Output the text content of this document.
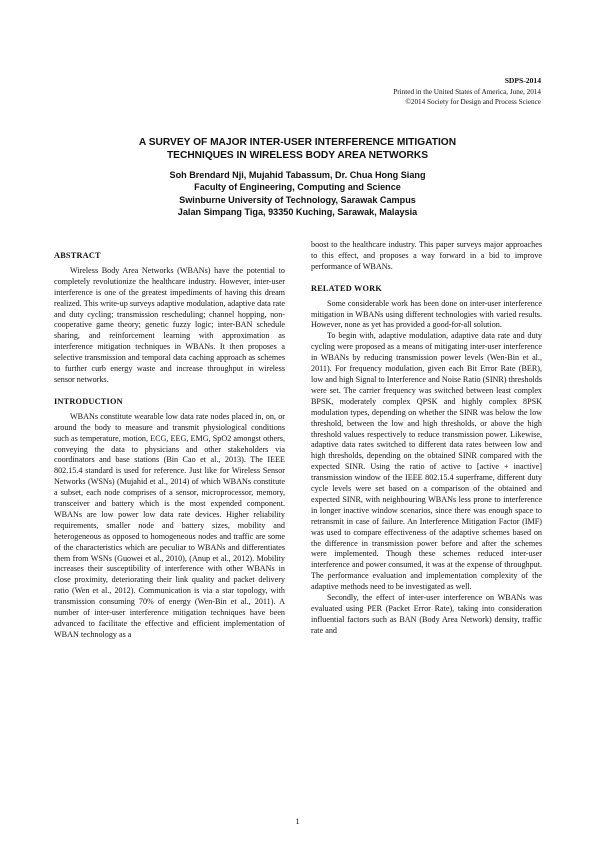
SDPS-2014
Printed in the United States of America, June, 2014
©2014 Society for Design and Process Science
A SURVEY OF MAJOR INTER-USER INTERFERENCE MITIGATION
TECHNIQUES IN WIRELESS BODY AREA NETWORKS
Soh Brendard Nji, Mujahid Tabassum, Dr. Chua Hong Siang
Faculty of Engineering, Computing and Science
Swinburne University of Technology, Sarawak Campus
Jalan Simpang Tiga, 93350 Kuching, Sarawak, Malaysia
ABSTRACT

Wireless Body Area Networks (WBANs) have the potential to completely revolutionize the healthcare industry. However, inter-user interference is one of the greatest impediments of having this dream realized. This write-up surveys adaptive modulation, adaptive data rate and duty cycling; transmission rescheduling; channel hopping, non-cooperative game theory; genetic fuzzy logic; inter-BAN schedule sharing, and reinforcement learning with approximation as interference mitigation techniques in WBANs. It then proposes a selective transmission and temporal data caching approach as schemes to further curb energy waste and increase throughput in wireless sensor networks.

INTRODUCTION

WBANs constitute wearable low data rate nodes placed in, on, or around the body to measure and transmit physiological conditions such as temperature, motion, ECG, EEG, EMG, SpO2 amongst others, conveying the data to physicians and other stakeholders via coordinators and base stations (Bin Cao et al., 2013). The IEEE 802.15.4 standard is used for reference. Just like for Wireless Sensor Networks (WSNs) (Mujahid et al., 2014) of which WBANs constitute a subset, each node comprises of a sensor, microprocessor, memory, transceiver and battery which is the most expended component. WBANs are low power low data rate devices. Higher reliability requirements, smaller node and battery sizes, mobility and heterogeneous as opposed to homogeneous nodes and traffic are some of the characteristics which are peculiar to WBANs and differentiates them from WSNs (Guowei et al., 2010), (Anup et al., 2012). Mobility increases their susceptibility of interference with other WBANs in close proximity, deteriorating their link quality and packet delivery ratio (Wen et al., 2012). Communication is via a star topology, with transmission consuming 70% of energy (Wen-Bin et al., 2011). A number of inter-user interference mitigation techniques have been advanced to facilitate the effective and efficient implementation of WBAN technology as a

boost to the healthcare industry. This paper surveys major approaches to this effect, and proposes a way forward in a bid to improve performance of WBANs.

RELATED WORK

Some considerable work has been done on inter-user interference mitigation in WBANs using different technologies with varied results. However, none as yet has provided a good-for-all solution.

To begin with, adaptive modulation, adaptive data rate and duty cycling were proposed as a means of mitigating inter-user interference in WBANs by reducing transmission power levels (Wen-Bin et al., 2011). For frequency modulation, given each Bit Error Rate (BER), low and high Signal to Interference and Noise Ratio (SINR) thresholds were set. The carrier frequency was switched between least complex BPSK, moderately complex QPSK and highly complex 8PSK modulation types, depending on whether the SINR was below the low threshold, between the low and high thresholds, or above the high threshold values respectively to reduce transmission power. Likewise, adaptive data rates switched to different data rates between low and high thresholds, depending on the obtained SINR compared with the expected SINR. Using the ratio of active to [active + inactive] transmission window of the IEEE 802.15.4 superframe, different duty cycle levels were set based on a comparison of the obtained and expected SINR, with neighbouring WBANs less prone to interference in longer inactive window scenarios, since there was enough space to retransmit in case of failure. An Interference Mitigation Factor (IMF) was used to compare effectiveness of the adaptive schemes based on the difference in transmission power before and after the schemes were implemented. Though these schemes reduced inter-user interference and power consumed, it was at the expense of throughput. The performance evaluation and implementation complexity of the adaptive methods need to be investigated as well.

Secondly, the effect of inter-user interference on WBANs was evaluated using PER (Packet Error Rate), taking into consideration influential factors such as BAN (Body Area Network) density, traffic rate and

1
